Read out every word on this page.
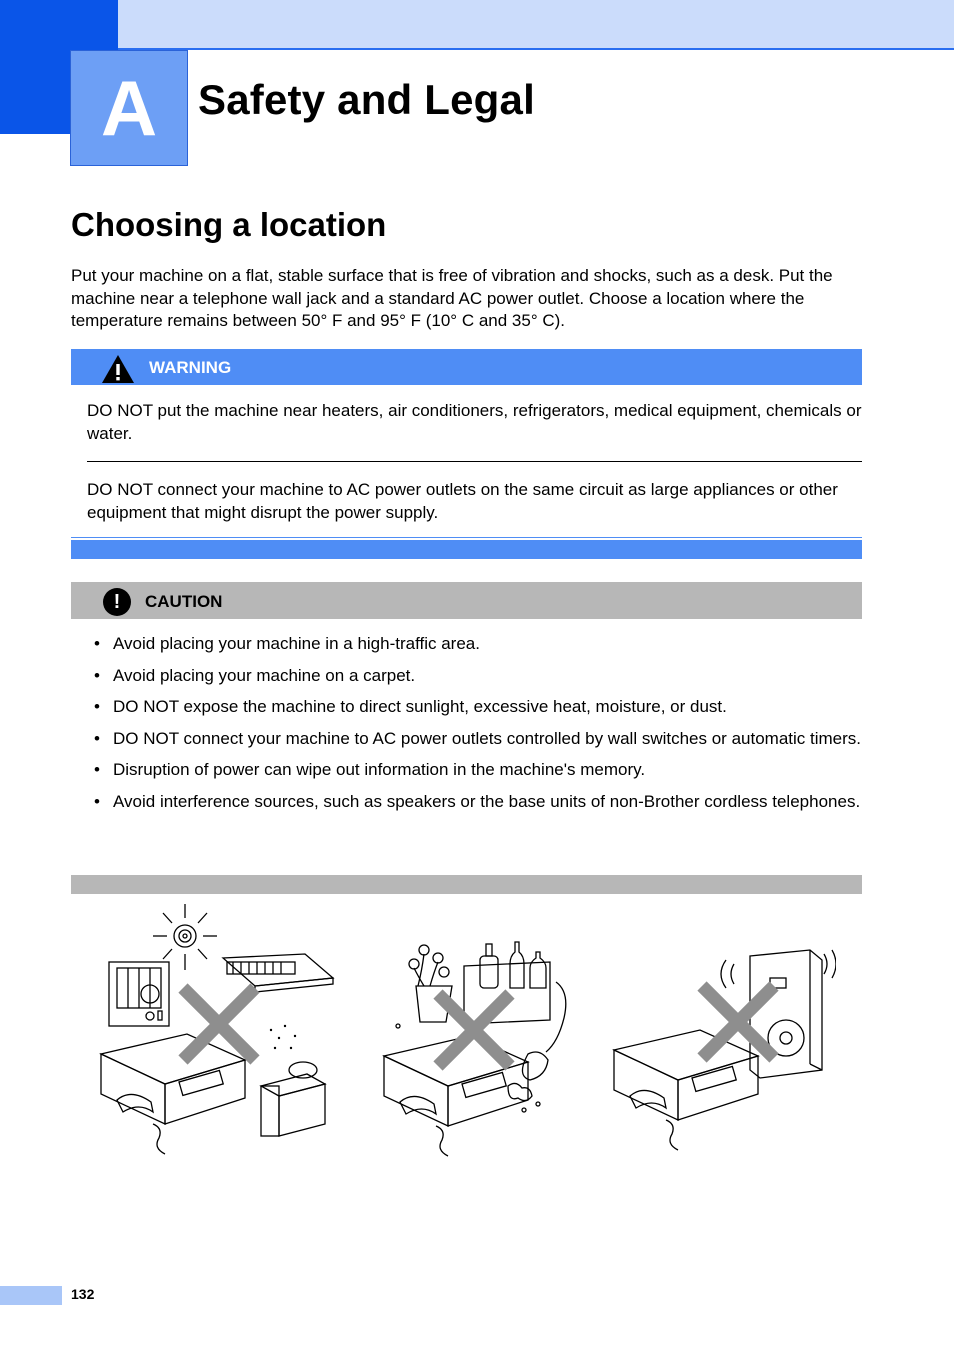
A Safety and Legal
Choosing a location
Put your machine on a flat, stable surface that is free of vibration and shocks, such as a desk. Put the machine near a telephone wall jack and a standard AC power outlet. Choose a location where the temperature remains between 50° F and 95° F (10° C and 35° C).
WARNING
DO NOT put the machine near heaters, air conditioners, refrigerators, medical equipment, chemicals or water.
DO NOT connect your machine to AC power outlets on the same circuit as large appliances or other equipment that might disrupt the power supply.
!	CAUTION
• Avoid placing your machine in a high-traffic area.
• Avoid placing your machine on a carpet.
• DO NOT expose the machine to direct sunlight, excessive heat, moisture, or dust.
• DO NOT connect your machine to AC power outlets controlled by wall switches or automatic timers.
• Disruption of power can wipe out information in the machine's memory.
• Avoid interference sources, such as speakers or the base units of non-Brother cordless telephones.
132
